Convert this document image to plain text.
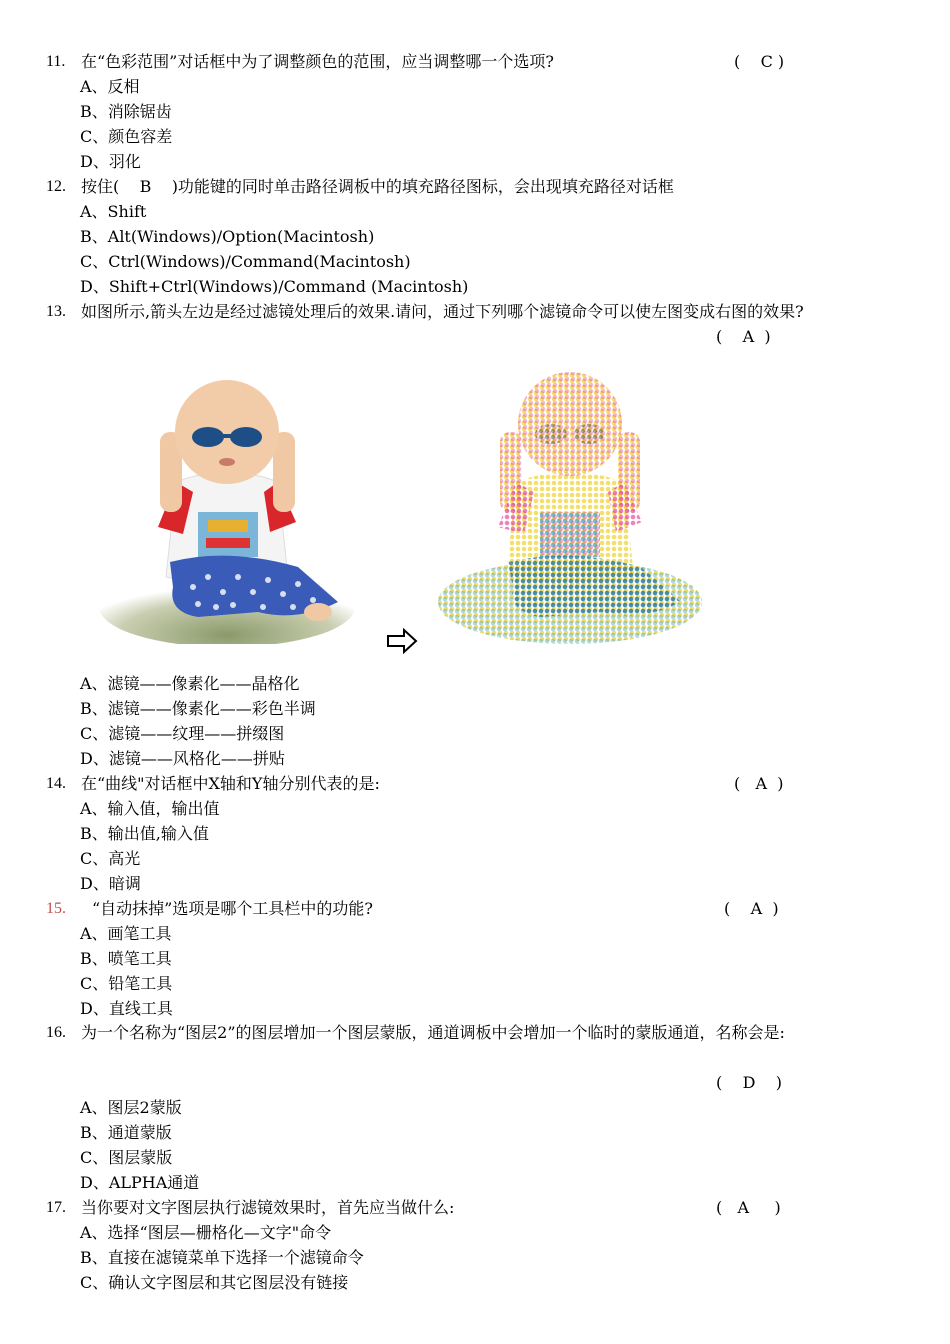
11. 在“色彩范围”对话框中为了调整颜色的范围，应当调整哪一个选项?	(    C )
A、反相
B、消除锯齿
C、颜色容差
D、羽化
12. 按住(    B    )功能键的同时单击路径调板中的填充路径图标，会出现填充路径对话框
A、Shift
B、Alt(Windows)/Option(Macintosh)
C、Ctrl(Windows)/Command(Macintosh)
D、Shift+Ctrl(Windows)/Command (Macintosh)
13. 如图所示,箭头左边是经过滤镜处理后的效果.请问，通过下列哪个滤镜命令可以使左图变成右图的效果?
(    A  )
A、滤镜——像素化——晶格化
B、滤镜——像素化——彩色半调
C、滤镜——纹理——拼缀图
D、滤镜——风格化——拼贴
14. 在“曲线"对话框中X轴和Y轴分别代表的是:	(   A  )
A、输入值，输出值
B、输出值,输入值
C、高光
D、暗调
15. “自动抹掉”选项是哪个工具栏中的功能?	(    A  )
A、画笔工具
B、喷笔工具
C、铅笔工具
D、直线工具
16. 为一个名称为“图层2”的图层增加一个图层蒙版，通道调板中会增加一个临时的蒙版通道，名称会是:
(    D    )
A、图层2蒙版
B、通道蒙版
C、图层蒙版
D、ALPHA通道
17. 当你要对文字图层执行滤镜效果时，首先应当做什么:	(   A     )
A、选择“图层—栅格化—文字"命令
B、直接在滤镜菜单下选择一个滤镜命令
C、确认文字图层和其它图层没有链接
